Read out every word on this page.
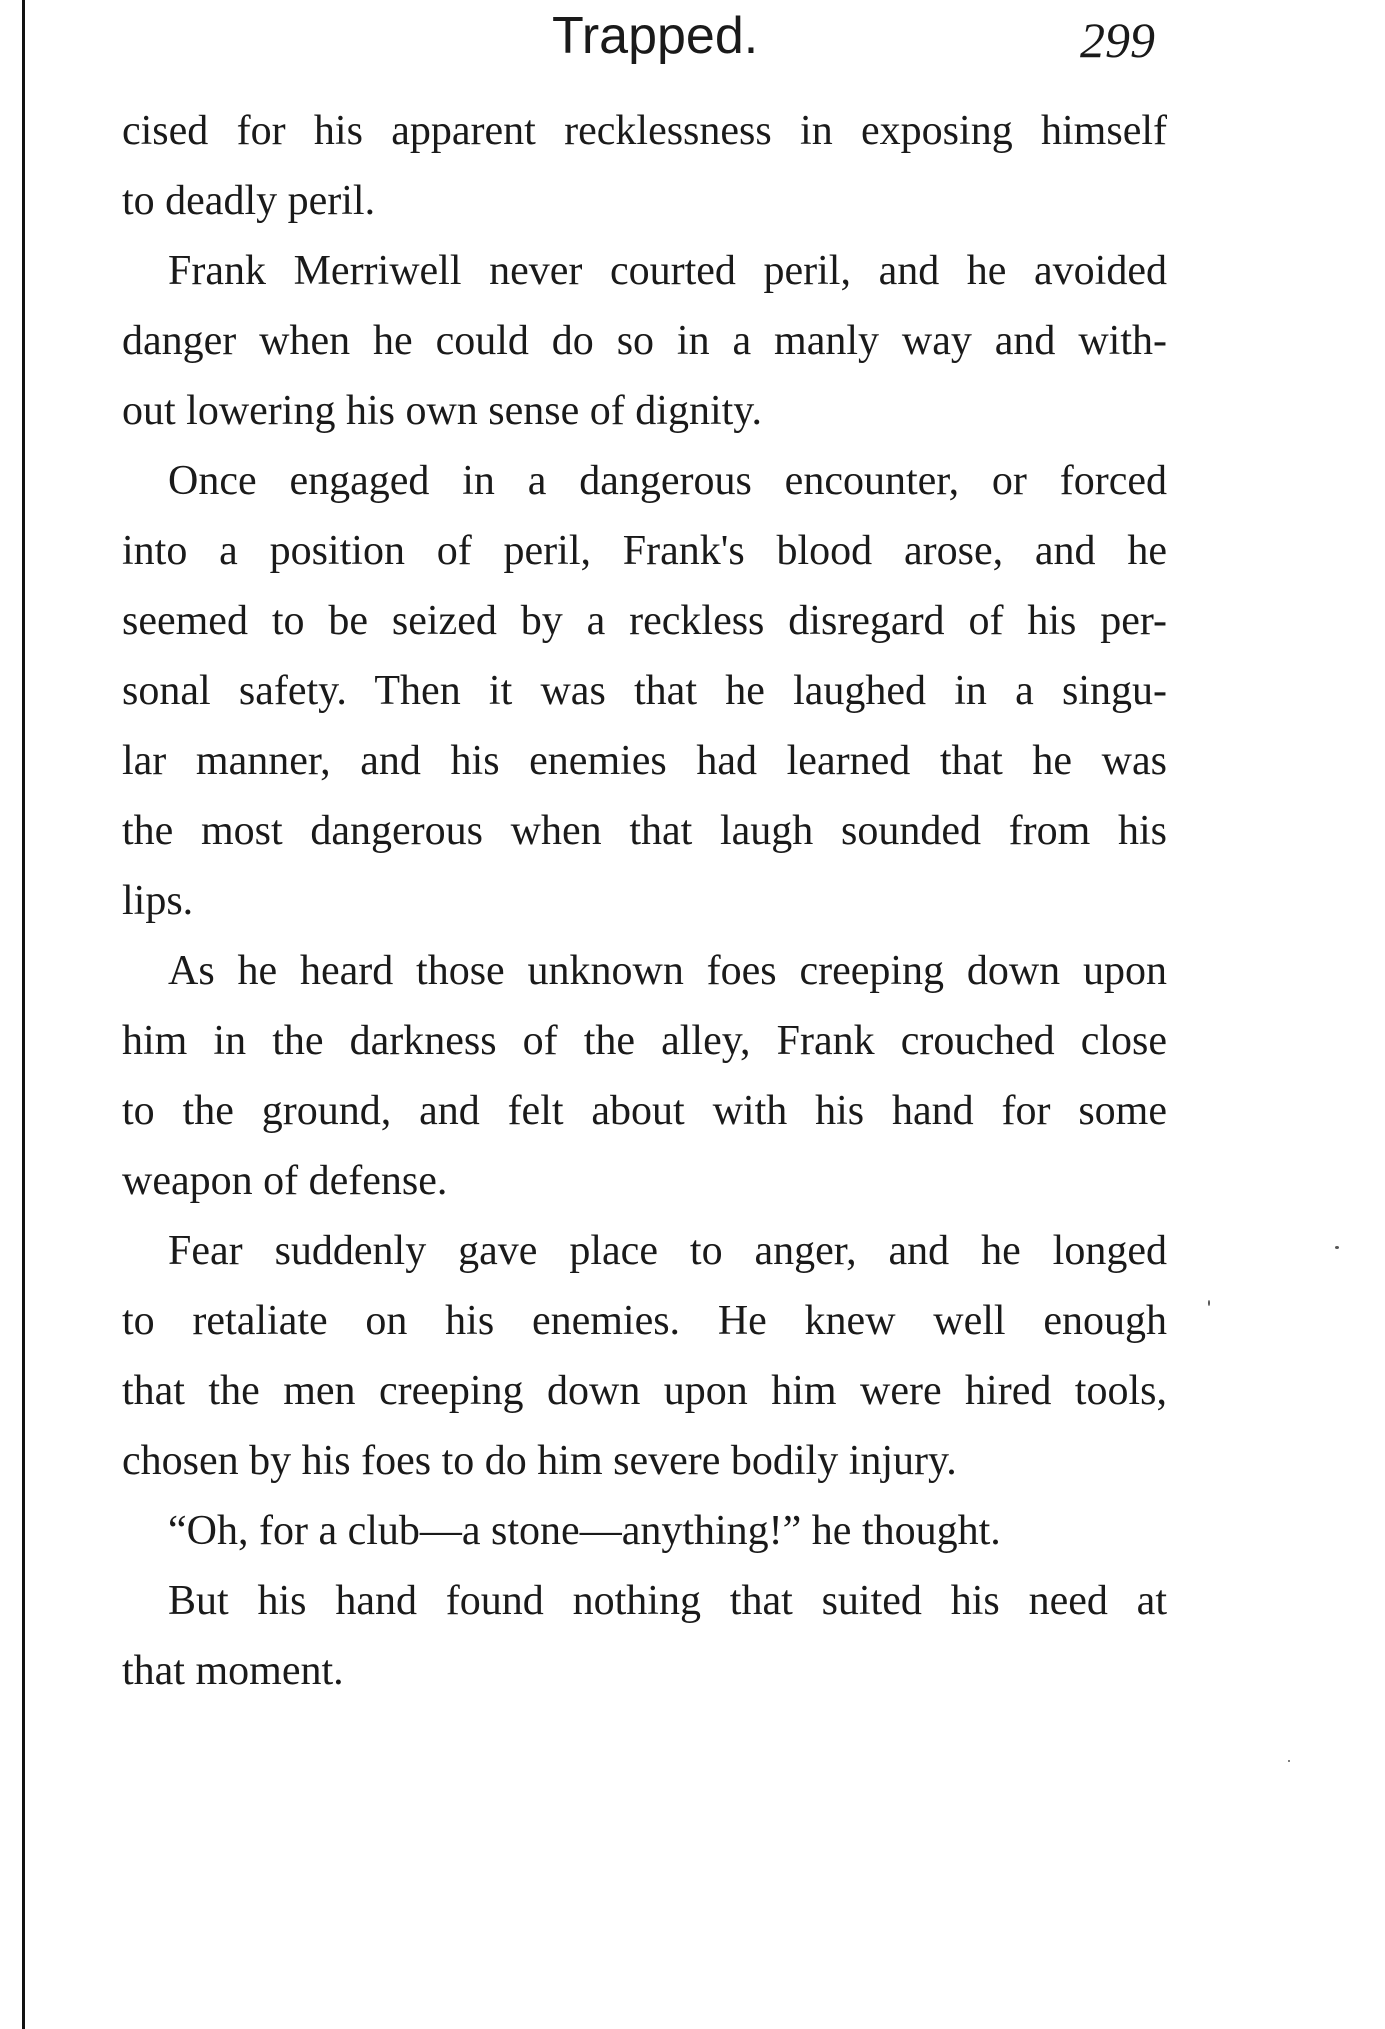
Trapped.	299
cised for his apparent recklessness in exposing himself
to deadly peril.
Frank Merriwell never courted peril, and he avoided
danger when he could do so in a manly way and with-
out lowering his own sense of dignity.
Once engaged in a dangerous encounter, or forced
into a position of peril, Frank's blood arose, and he
seemed to be seized by a reckless disregard of his per-
sonal safety. Then it was that he laughed in a singu-
lar manner, and his enemies had learned that he was
the most dangerous when that laugh sounded from his
lips.
As he heard those unknown foes creeping down upon
him in the darkness of the alley, Frank crouched close
to the ground, and felt about with his hand for some
weapon of defense.
Fear suddenly gave place to anger, and he longed
to retaliate on his enemies. He knew well enough
that the men creeping down upon him were hired tools,
chosen by his foes to do him severe bodily injury.
“Oh, for a club—a stone—anything!” he thought.
But his hand found nothing that suited his need at
that moment.
